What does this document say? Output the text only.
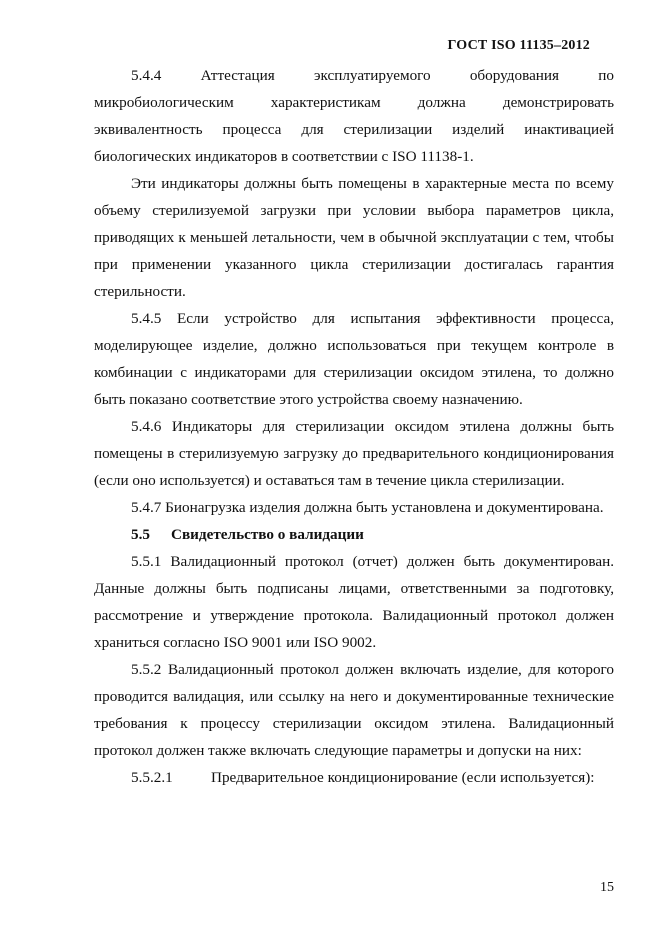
ГОСТ ISO 11135–2012

5.4.4 Аттестация эксплуатируемого оборудования по микробиологическим характеристикам должна демонстрировать эквивалентность процесса для стерилизации изделий инактивацией биологических индикаторов в соответствии с ISO 11138-1.

Эти индикаторы должны быть помещены в характерные места по всему объему стерилизуемой загрузки при условии выбора параметров цикла, приводящих к меньшей летальности, чем в обычной эксплуатации с тем, чтобы при применении указанного цикла стерилизации достигалась гарантия стерильности.

5.4.5 Если устройство для испытания эффективности процесса, моделирующее изделие, должно использоваться при текущем контроле в комбинации с индикаторами для стерилизации оксидом этилена, то должно быть показано соответствие этого устройства своему назначению.

5.4.6 Индикаторы для стерилизации оксидом этилена должны быть помещены в стерилизуемую загрузку до предварительного кондиционирования (если оно используется) и оставаться там в течение цикла стерилизации.

5.4.7 Бионагрузка изделия должна быть установлена и документирована.

5.5	Свидетельство о валидации

5.5.1 Валидационный протокол (отчет) должен быть документирован. Данные должны быть подписаны лицами, ответственными за подготовку, рассмотрение и утверждение протокола. Валидационный протокол должен храниться согласно ISO 9001 или ISO 9002.

5.5.2 Валидационный протокол должен включать изделие, для которого проводится валидация, или ссылку на него и документированные технические требования к процессу стерилизации оксидом этилена. Валидационный протокол должен также включать следующие параметры и допуски на них:

5.5.2.1	Предварительное кондиционирование (если используется):
15
